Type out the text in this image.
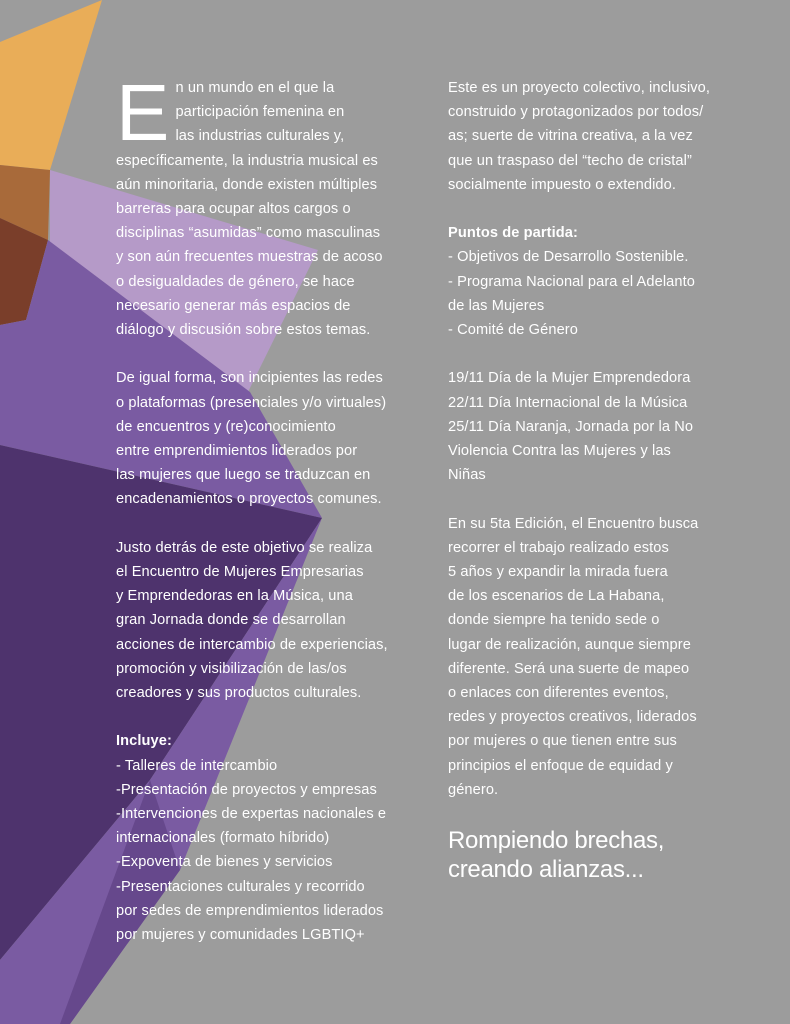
E n un mundo en el que la
participación femenina en
las industrias culturales y,
específicamente, la industria musical es
aún minoritaria, donde existen múltiples
barreras para ocupar altos cargos o
disciplinas “asumidas” como masculinas
y son aún frecuentes muestras de acoso
o desigualdades de género, se hace
necesario generar más espacios de
diálogo y discusión sobre estos temas.
De igual forma, son incipientes las redes
o plataformas (presenciales y/o virtuales)
de encuentros y (re)conocimiento
entre emprendimientos liderados por
las mujeres que luego se traduzcan en
encadenamientos o proyectos comunes.
Justo detrás de este objetivo se realiza
el Encuentro de Mujeres Empresarias
y Emprendedoras en la Música, una
gran Jornada donde se desarrollan
acciones de intercambio de experiencias,
promoción y visibilización de las/os
creadores y sus productos culturales.
Incluye:
- Talleres de intercambio
-Presentación de proyectos y empresas
-Intervenciones de expertas nacionales e
internacionales (formato híbrido)
-Expoventa de bienes y servicios
-Presentaciones culturales y recorrido
por sedes de emprendimientos liderados
por mujeres y comunidades LGBTIQ+
Este es un proyecto colectivo, inclusivo,
construido y protagonizados por todos/
as; suerte de vitrina creativa, a la vez
que un traspaso del “techo de cristal”
socialmente impuesto o extendido.
Puntos de partida:
- Objetivos de Desarrollo Sostenible.
- Programa Nacional para el Adelanto
de las Mujeres
- Comité de Género
19/11 Día de la Mujer Emprendedora
22/11 Día Internacional de la Música
25/11 Día Naranja, Jornada por la No
Violencia Contra las Mujeres y las
Niñas
En su 5ta Edición, el Encuentro busca
recorrer el trabajo realizado estos
5 años y expandir la mirada fuera
de los escenarios de La Habana,
donde siempre ha tenido sede o
lugar de realización, aunque siempre
diferente. Será una suerte de mapeo
o enlaces con diferentes eventos,
redes y proyectos creativos, liderados
por mujeres o que tienen entre sus
principios el enfoque de equidad y
género.
Rompiendo brechas,
creando alianzas...
